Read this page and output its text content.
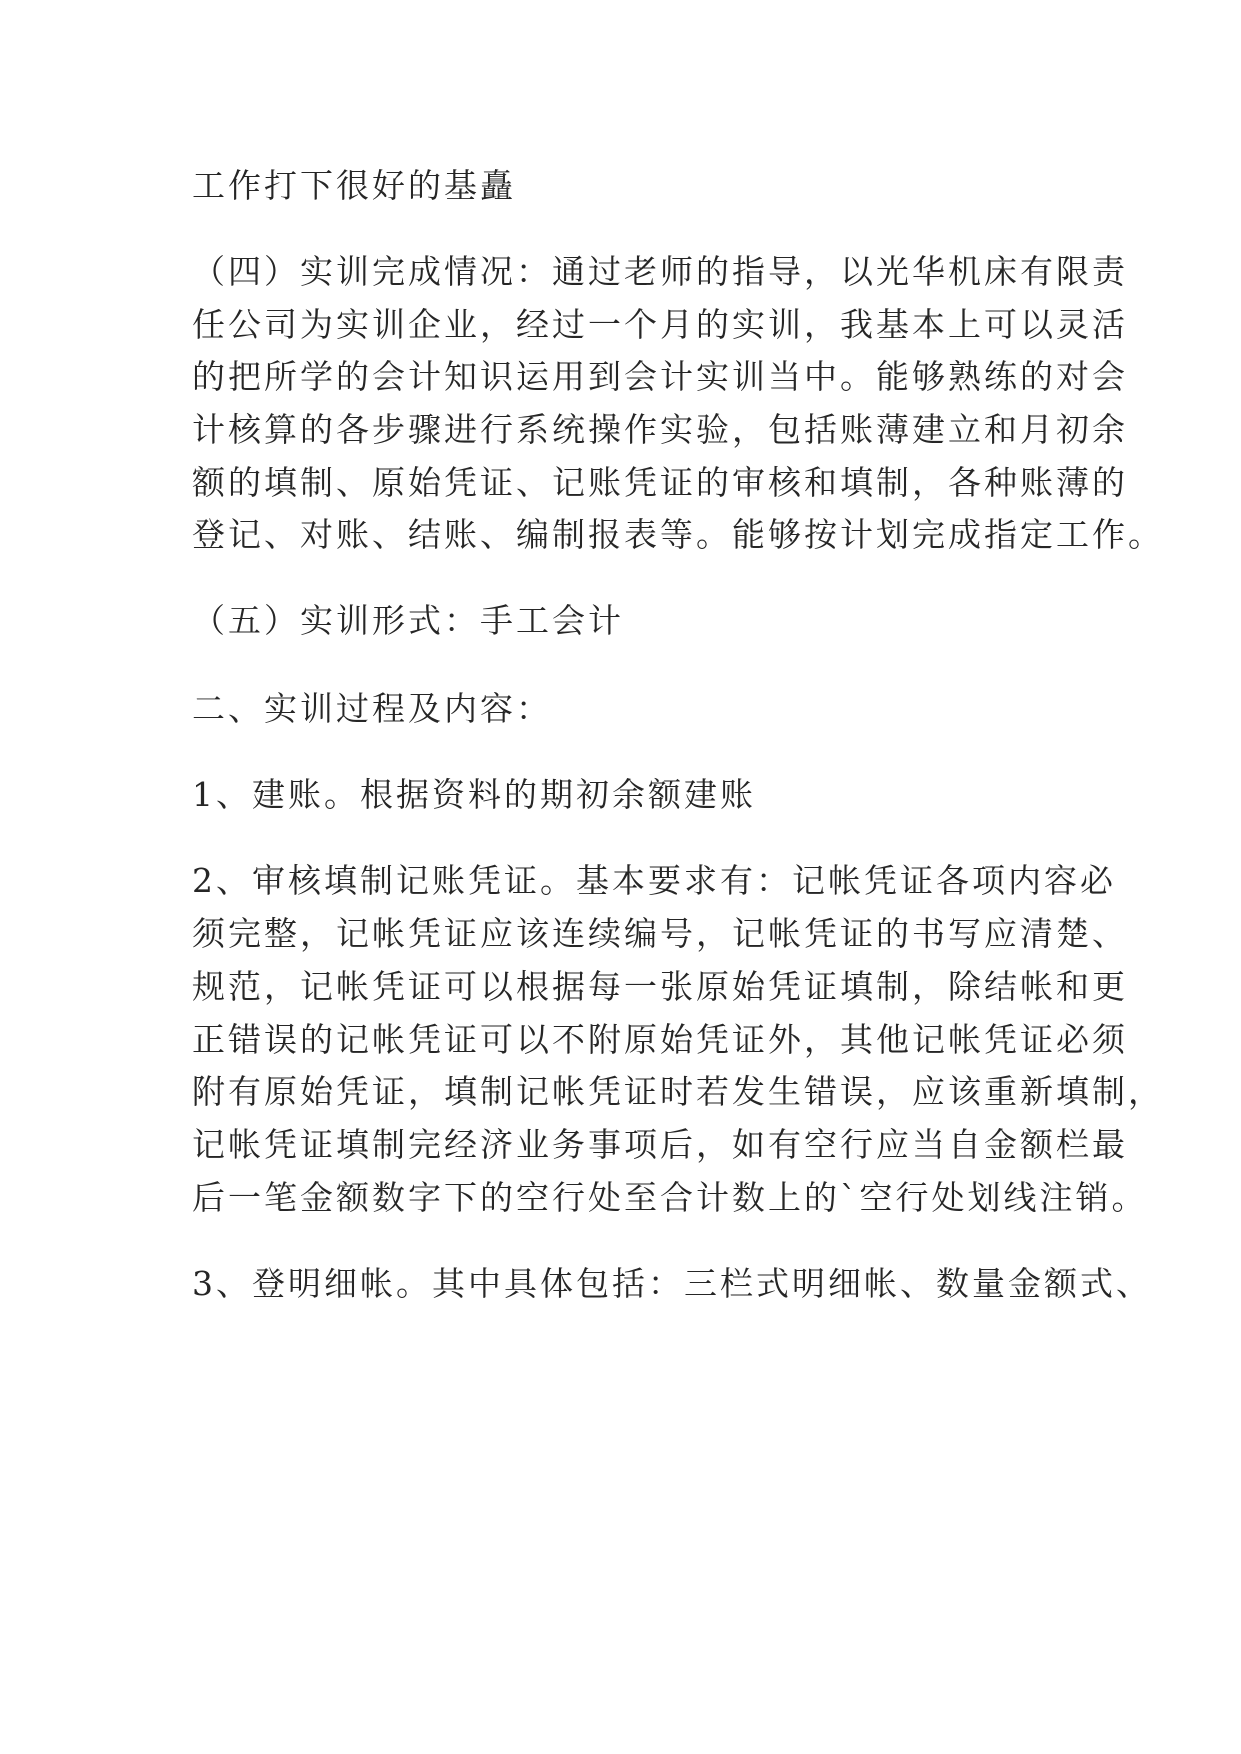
工作打下很好的基矗
（四）实训完成情况：通过老师的指导，以光华机床有限责
任公司为实训企业，经过一个月的实训，我基本上可以灵活
的把所学的会计知识运用到会计实训当中。能够熟练的对会
计核算的各步骤进行系统操作实验，包括账薄建立和月初余
额的填制、原始凭证、记账凭证的审核和填制，各种账薄的
登记、对账、结账、编制报表等。能够按计划完成指定工作。
（五）实训形式：手工会计
二、实训过程及内容：
1、建账。根据资料的期初余额建账
2、审核填制记账凭证。基本要求有：记帐凭证各项内容必
须完整，记帐凭证应该连续编号，记帐凭证的书写应清楚、
规范，记帐凭证可以根据每一张原始凭证填制，除结帐和更
正错误的记帐凭证可以不附原始凭证外，其他记帐凭证必须
附有原始凭证，填制记帐凭证时若发生错误，应该重新填制，
记帐凭证填制完经济业务事项后，如有空行应当自金额栏最
后一笔金额数字下的空行处至合计数上的`空行处划线注销。
3、登明细帐。其中具体包括：三栏式明细帐、数量金额式、
